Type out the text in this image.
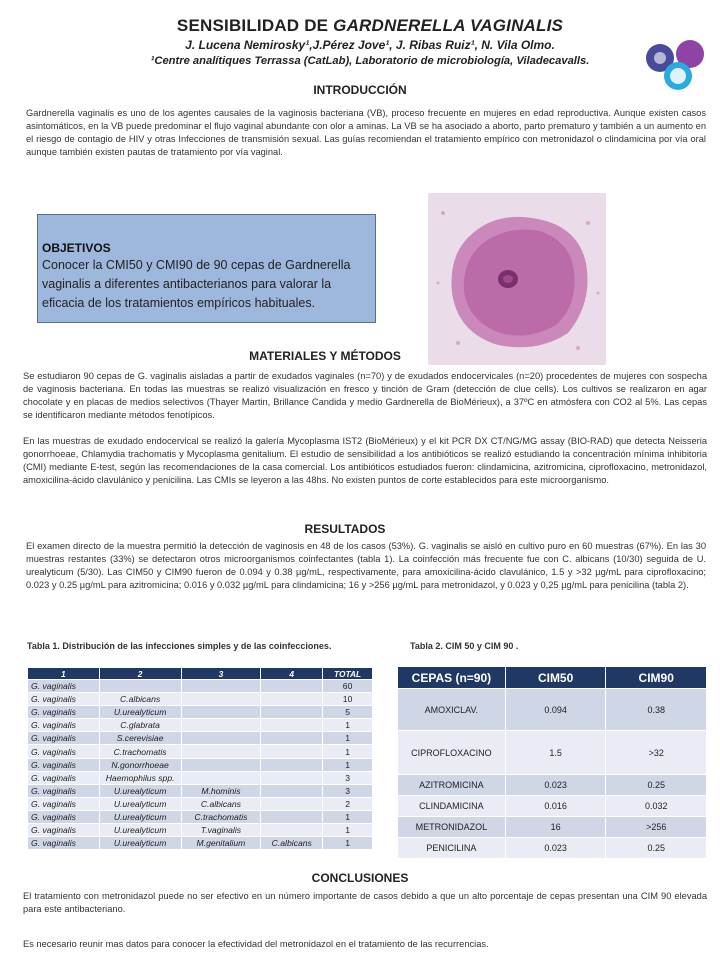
SENSIBILIDAD DE GARDNERELLA VAGINALIS
J. Lucena Nemirosky¹,J.Pérez Jove¹, J. Ribas Ruiz¹, N. Vila Olmo.
¹Centre analítiques Terrassa (CatLab), Laboratorio de microbiología, Viladecavalls.
INTRODUCCIÓN
Gardnerella vaginalis es uno de los agentes causales de la vaginosis bacteriana (VB), proceso frecuente en mujeres en edad reproductiva. Aunque existen casos asintomáticos, en la VB puede predominar el flujo vaginal abundante con olor a aminas. La VB se ha asociado a aborto, parto prematuro y también a un aumento en el riesgo de contagio de HIV y otras Infecciones de transmisión sexual. Las guías recomiendan el tratamiento empírico con metronidazol o clindamicina por vía oral aunque también existen pautas de tratamiento por vía vaginal.
OBJETIVOS
Conocer la CMI50 y CMI90 de 90 cepas de Gardnerella vaginalis a diferentes antibacterianos para valorar la eficacia de los tratamientos empíricos habituales.
MATERIALES Y MÉTODOS
Se estudiaron 90 cepas de G. vaginalis aisladas a partir de exudados vaginales (n=70) y de exudados endocervicales (n=20) procedentes de mujeres con sospecha de vaginosis bacteriana. En todas las muestras se realizó visualización en fresco y tinción de Gram (detección de clue cells). Los cultivos se realizaron en agar chocolate y en placas de medios selectivos (Thayer Martin, Brillance Candida y medio Gardnerella de BioMérieux), a 37ºC en atmósfera con CO2 al 5%. Las cepas se identificaron mediante métodos fenotípicos.
En las muestras de exudado endocervical se realizó la galería Mycoplasma IST2 (BioMérieux) y el kit PCR DX CT/NG/MG assay (BIO-RAD) que detecta Neisseria gonorrhoeae, Chlamydia trachomatis y Mycoplasma genitalium. El estudio de sensibilidad a los antibióticos se realizó estudiando la concentración mínima inhibitoria (CMI) mediante E-test, según las recomendaciones de la casa comercial. Los antibióticos estudiados fueron: clindamicina, azitromicina, ciprofloxacino, metronidazol, amoxicilina-ácido clavulánico y penicilina. Las CMIs se leyeron a las 48hs. No existen puntos de corte establecidos para este microorganismo.
RESULTADOS
El examen directo de la muestra permitió la detección de vaginosis en 48 de los casos (53%). G. vaginalis se aisló en cultivo puro en 60 muestras (67%). En las 30 muestras restantes (33%) se detectaron otros microorganismos coinfectantes (tabla 1). La coinfección más frecuente fue con C. albicans (10/30) seguida de U. urealyticum (5/30). Las CIM50 y CIM90 fueron de 0.094 y 0.38 µg/mL, respectivamente, para amoxicilina-ácido clavulánico, 1.5 y >32 µg/mL para ciprofloxacino; 0.023 y 0.25 µg/mL para azitromicina; 0.016 y 0.032 µg/mL para clindamicina; 16 y >256 µg/mL para metronidazol, y 0.023 y 0,25 µg/mL para penicilina (tabla 2).
Tabla 1. Distribución de las infecciones simples y de las coinfecciones.	Tabla 2. CIM 50 y CIM 90 .
1	2	3	4	TOTAL
G. vaginalis				60
G. vaginalis	C.albicans			10
G. vaginalis	U.urealyticum			5
G. vaginalis	C.glabrata			1
G. vaginalis	S.cerevisiae			1
G. vaginalis	C.trachomatis			1
G. vaginalis	N.gonorrhoeae			1
G. vaginalis	Haemophilus spp.			3
G. vaginalis	U.urealyticum	M.hominis		3
G. vaginalis	U.urealyticum	C.albicans		2
G. vaginalis	U.urealyticum	C.trachomatis		1
G. vaginalis	U.urealyticum	T.vaginalis		1
G. vaginalis	U.urealyticum	M.genitalium	C.albicans	1
CEPAS (n=90)	CIM50	CIM90
AMOXICLAV.	0.094	0.38
CIPROFLOXACINO	1.5	>32
AZITROMICINA	0.023	0.25
CLINDAMICINA	0.016	0.032
METRONIDAZOL	16	>256
PENICILINA	0.023	0.25
CONCLUSIONES
El tratamiento con metronidazol puede no ser efectivo en un número importante de casos debido a que un alto porcentaje de cepas presentan una CIM 90 elevada para este antibacteriano.
Es necesario reunir mas datos para conocer la efectividad del metronidazol en el tratamiento de las recurrencias.
